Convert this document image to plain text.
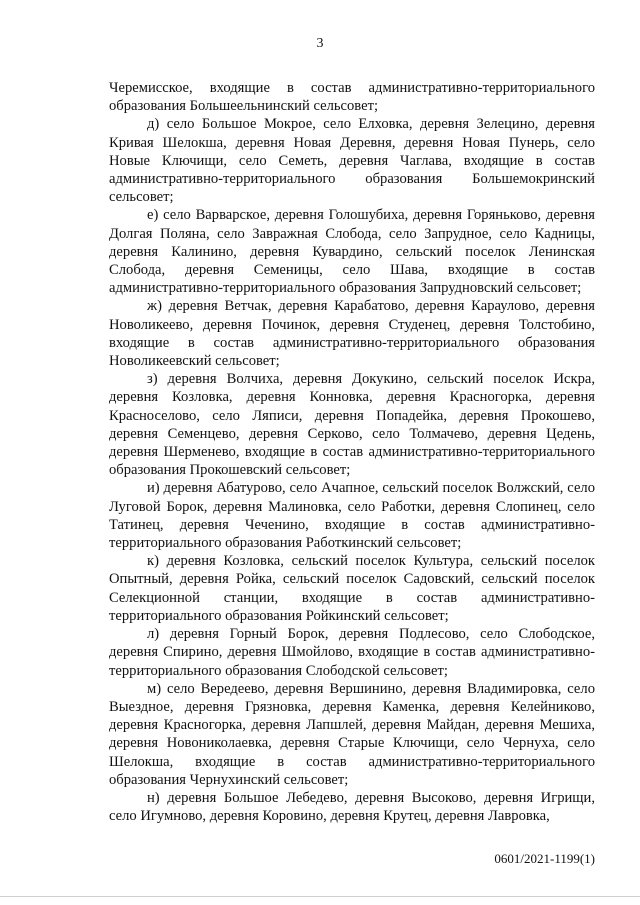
3

Черемисское, входящие в состав административно-территориального образования Большеельнинский сельсовет;

д) село Большое Мокрое, село Елховка, деревня Зелецино, деревня Кривая Шелокша, деревня Новая Деревня, деревня Новая Пунерь, село Новые Ключищи, село Семеть, деревня Чаглава, входящие в состав административно-территориального образования Большемокринский сельсовет;

е) село Варварское, деревня Голошубиха, деревня Горяньково, деревня Долгая Поляна, село Завражная Слобода, село Запрудное, село Кадницы, деревня Калинино, деревня Кувардино, сельский поселок Ленинская Слобода, деревня Семеницы, село Шава, входящие в состав административно-территориального образования Запрудновский сельсовет;

ж) деревня Ветчак, деревня Карабатово, деревня Караулово, деревня Новоликеево, деревня Починок, деревня Студенец, деревня Толстобино, входящие в состав административно-территориального образования Новоликеевский сельсовет;

з) деревня Волчиха, деревня Докукино, сельский поселок Искра, деревня Козловка, деревня Конновка, деревня Красногорка, деревня Красноселово, село Ляписи, деревня Попадейка, деревня Прокошево, деревня Семенцево, деревня Серково, село Толмачево, деревня Цедень, деревня Шерменево, входящие в состав административно-территориального образования Прокошевский сельсовет;

и) деревня Абатурово, село Ачапное, сельский поселок Волжский, село Луговой Борок, деревня Малиновка, село Работки, деревня Слопинец, село Татинец, деревня Чеченино, входящие в состав административно-территориального образования Работкинский сельсовет;

к) деревня Козловка, сельский поселок Культура, сельский поселок Опытный, деревня Ройка, сельский поселок Садовский, сельский поселок Селекционной станции, входящие в состав административно-территориального образования Ройкинский сельсовет;

л) деревня Горный Борок, деревня Подлесово, село Слободское, деревня Спирино, деревня Шмойлово, входящие в состав административно-территориального образования Слободской сельсовет;

м) село Вередеево, деревня Вершинино, деревня Владимировка, село Выездное, деревня Грязновка, деревня Каменка, деревня Келейниково, деревня Красногорка, деревня Лапшлей, деревня Майдан, деревня Мешиха, деревня Новониколаевка, деревня Старые Ключищи, село Чернуха, село Шелокша, входящие в состав административно-территориального образования Чернухинский сельсовет;

н) деревня Большое Лебедево, деревня Высоково, деревня Игрищи, село Игумново, деревня Коровино, деревня Крутец, деревня Лавровка,

0601/2021-1199(1)
